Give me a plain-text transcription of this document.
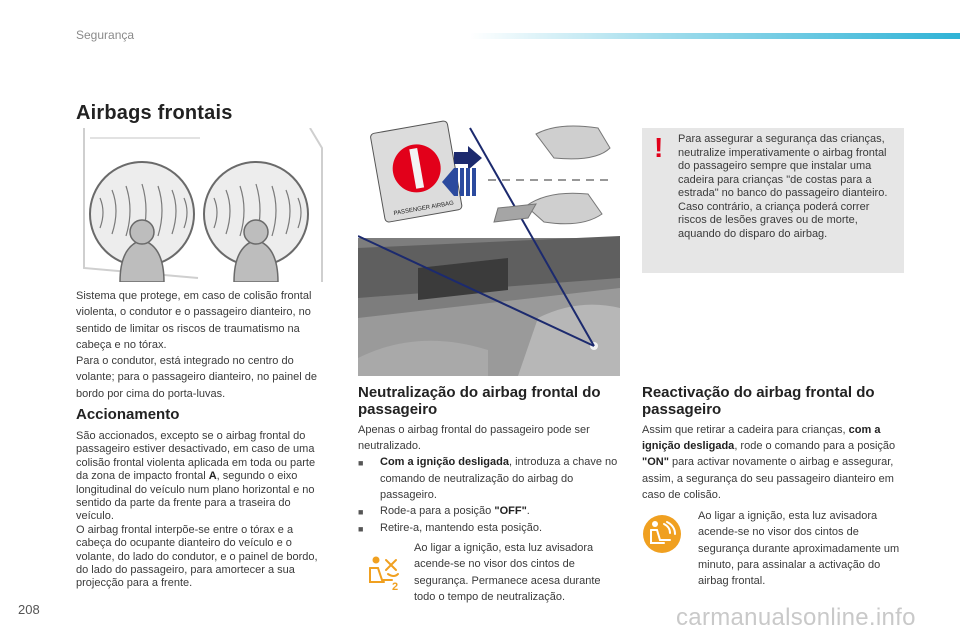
Segurança
Airbags frontais

Sistema que protege, em caso de colisão frontal violenta, o condutor e o passageiro dianteiro, no sentido de limitar os riscos de traumatismo na cabeça e no tórax.

Para o condutor, está integrado no centro do volante; para o passageiro dianteiro, no painel de bordo por cima do porta-luvas.

Accionamento

São accionados, excepto se o airbag frontal do passageiro estiver desactivado, em caso de uma colisão frontal violenta aplicada em toda ou parte da zona de impacto frontal A, segundo o eixo longitudinal do veículo num plano horizontal e no sentido da parte da frente para a traseira do veículo.

O airbag frontal interpõe-se entre o tórax e a cabeça do ocupante dianteiro do veículo e o volante, do lado do condutor, e o painel de bordo, do lado do passageiro, para amortecer a sua projecção para a frente.

PASSENGER AIRBAG
Neutralização do airbag frontal do passageiro

Apenas o airbag frontal do passageiro pode ser neutralizado.

■	Com a ignição desligada, introduza a chave no comando de neutralização do airbag do passageiro.
■	Rode-a para a posição "OFF".
■	Retire-a, mantendo esta posição.
2

Ao ligar a ignição, esta luz avisadora acende-se no visor dos cintos de segurança. Permanece acesa durante todo o tempo de neutralização.

! Para assegurar a segurança das crianças, neutralize imperativamente o airbag frontal do passageiro sempre que instalar uma cadeira para crianças "de costas para a estrada" no banco do passageiro dianteiro.

Caso contrário, a criança poderá correr riscos de lesões graves ou de morte, aquando do disparo do airbag.

Reactivação do airbag frontal do passageiro

Assim que retirar a cadeira para crianças, com a ignição desligada, rode o comando para a posição "ON" para activar novamente o airbag e assegurar, assim, a segurança do seu passageiro dianteiro em caso de colisão.

Ao ligar a ignição, esta luz avisadora acende-se no visor dos cintos de segurança durante aproximadamente um minuto, para assinalar a activação do airbag frontal.

208	carmanualsonline.info
